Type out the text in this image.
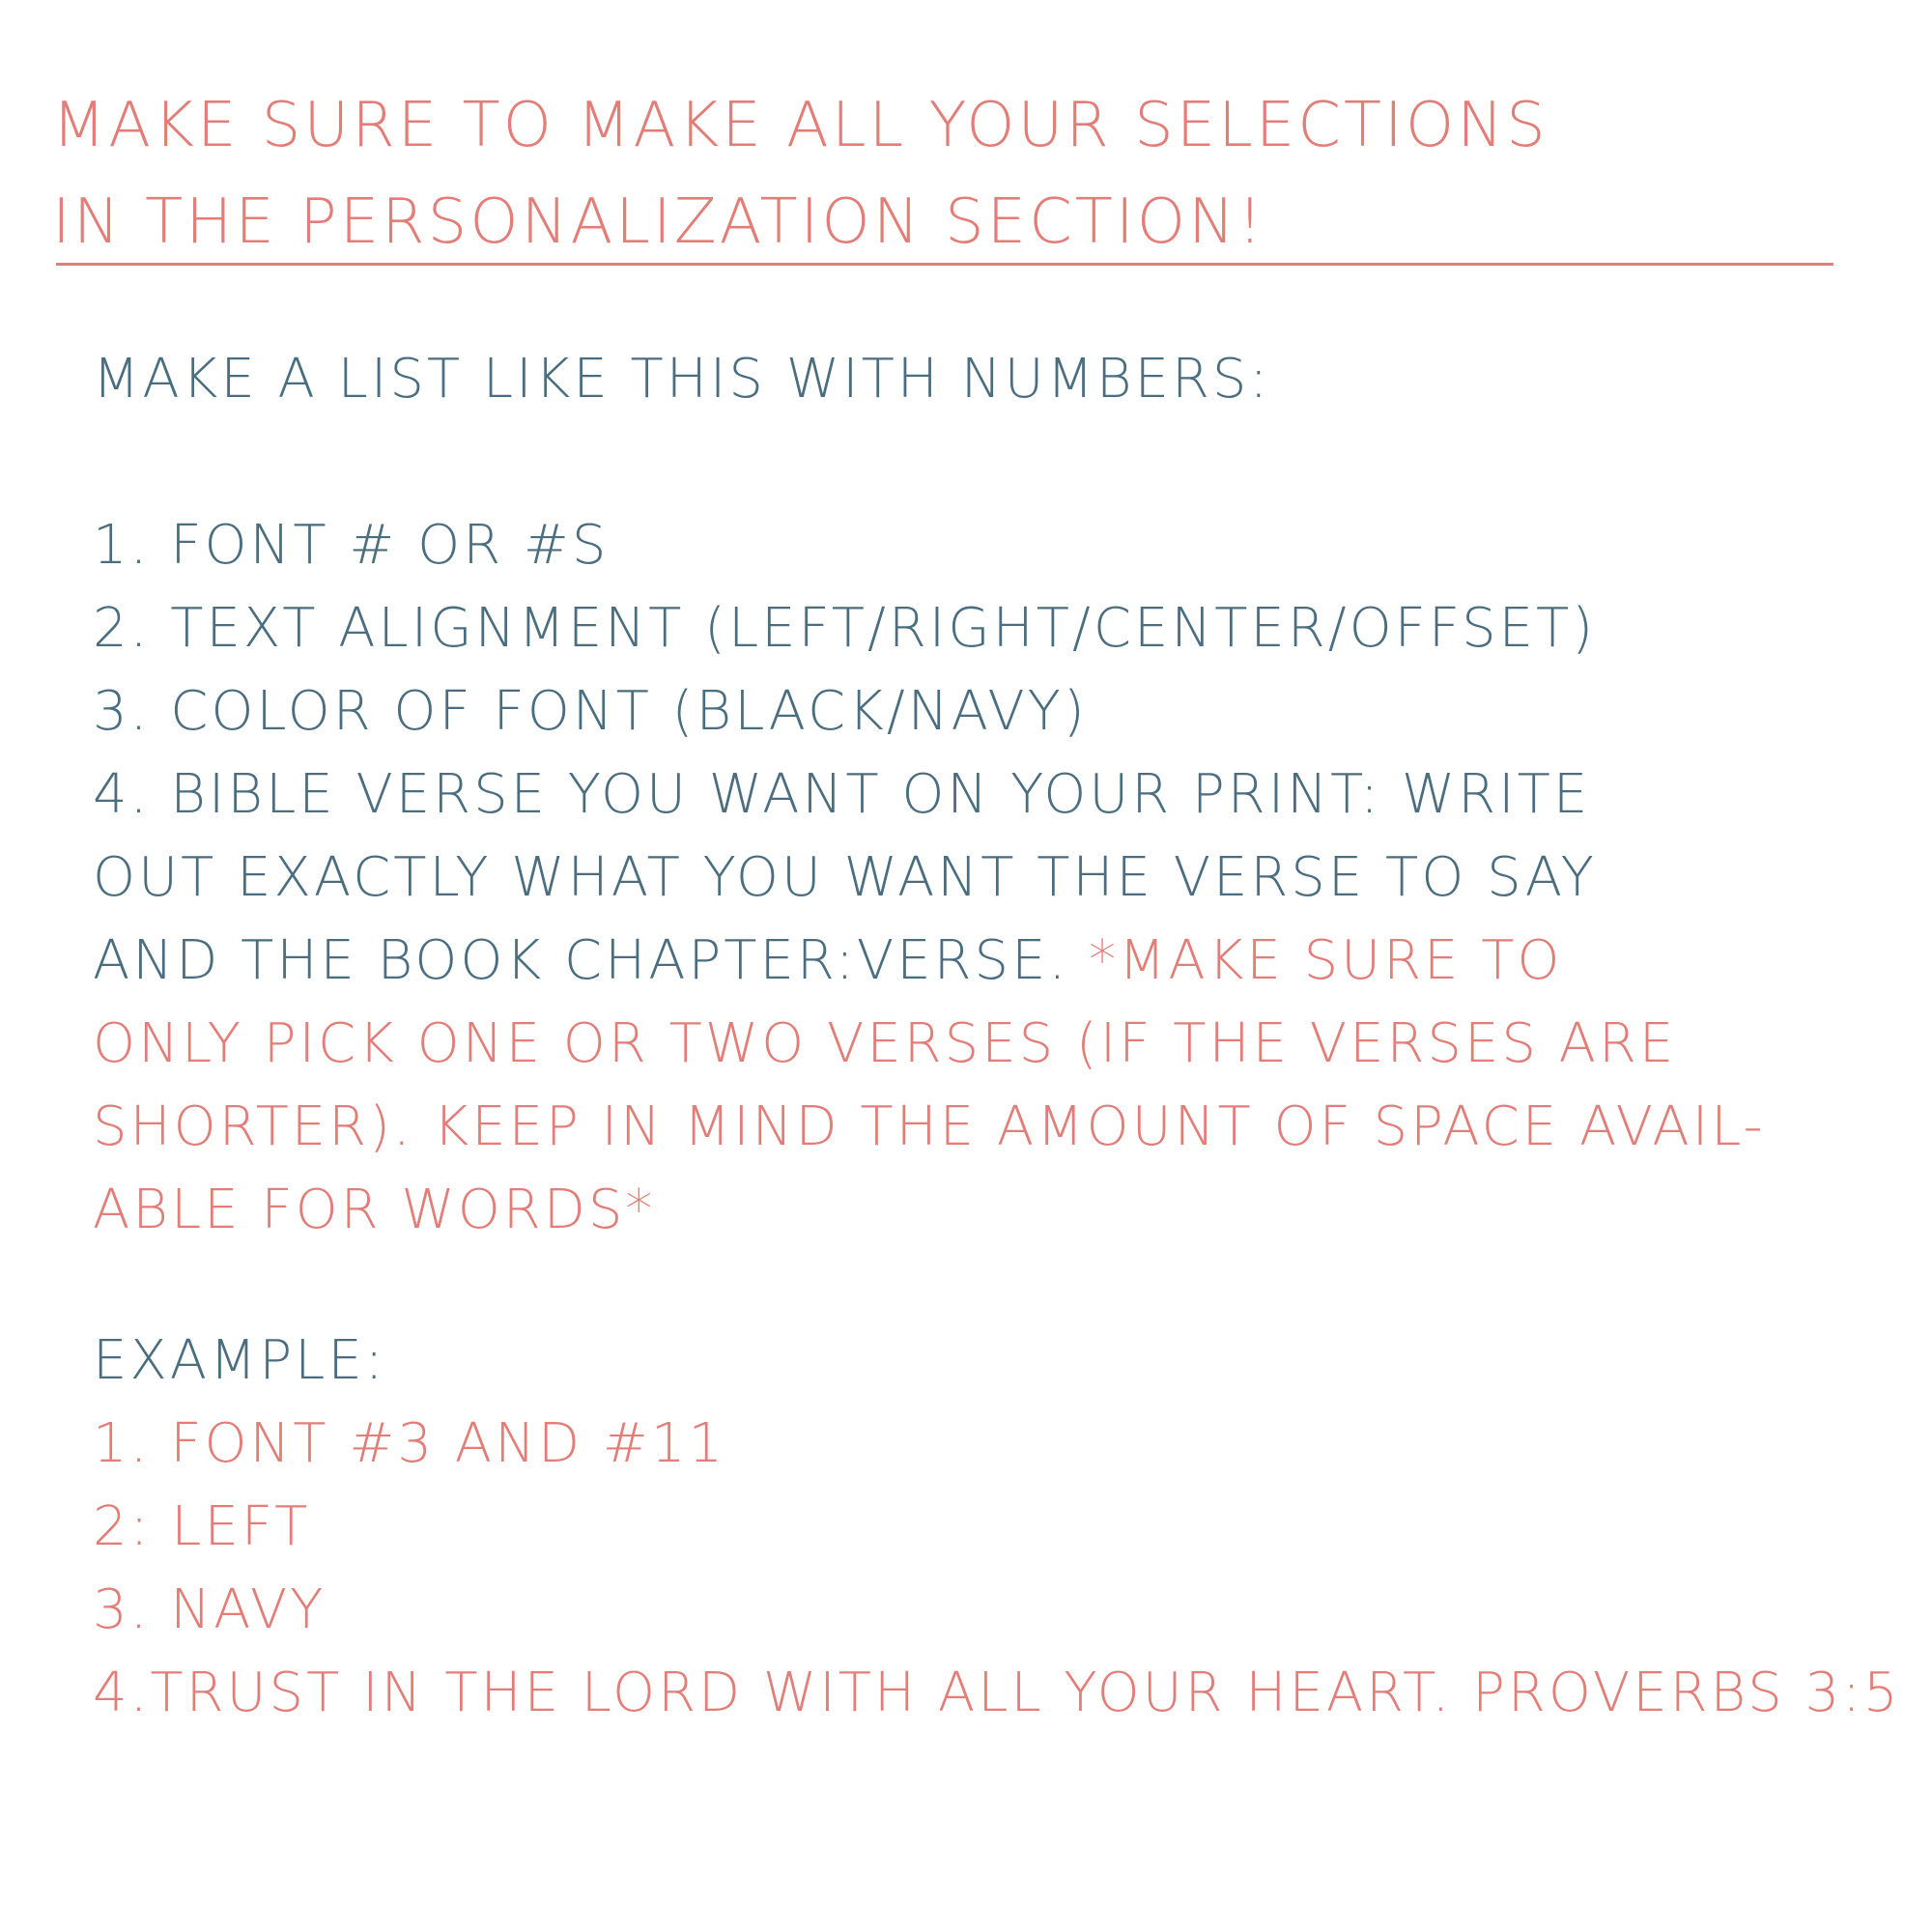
MAKE SURE TO MAKE ALL YOUR SELECTIONS
IN THE PERSONALIZATION SECTION!
MAKE A LIST LIKE THIS WITH NUMBERS:
1. FONT # OR #S
2. TEXT ALIGNMENT (LEFT/RIGHT/CENTER/OFFSET)
3. COLOR OF FONT (BLACK/NAVY)
4. BIBLE VERSE YOU WANT ON YOUR PRINT: WRITE
OUT EXACTLY WHAT YOU WANT THE VERSE TO SAY
AND THE BOOK CHAPTER:VERSE. *MAKE SURE TO
ONLY PICK ONE OR TWO VERSES (IF THE VERSES ARE
SHORTER). KEEP IN MIND THE AMOUNT OF SPACE AVAIL-
ABLE FOR WORDS*
EXAMPLE:
1. FONT #3 AND #11
2: LEFT
3. NAVY
4.TRUST IN THE LORD WITH ALL YOUR HEART. PROVERBS 3:5
